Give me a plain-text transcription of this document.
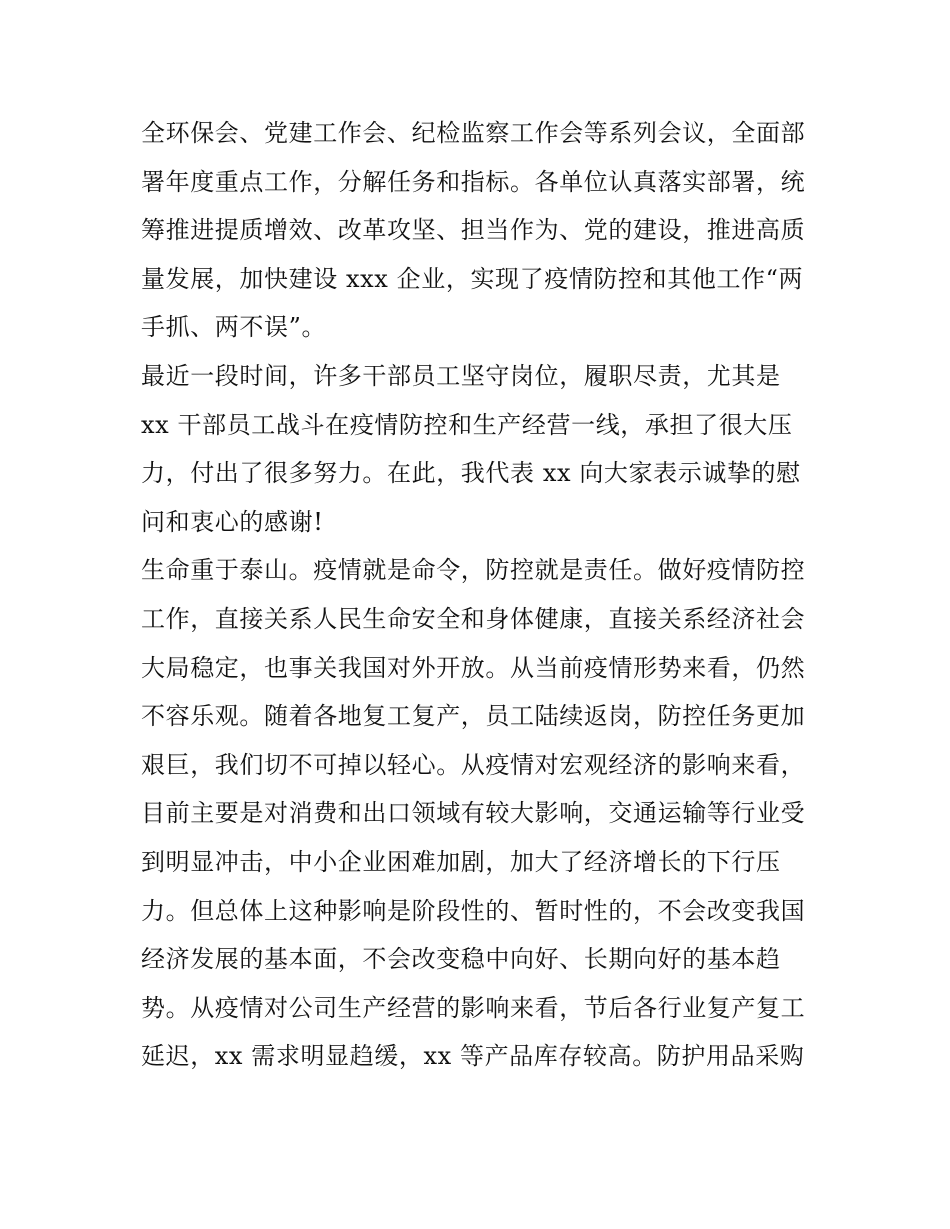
全环保会、党建工作会、纪检监察工作会等系列会议，全面部
署年度重点工作，分解任务和指标。各单位认真落实部署，统
筹推进提质增效、改革攻坚、担当作为、党的建设，推进高质
量发展，加快建设 xxx 企业，实现了疫情防控和其他工作“两
手抓、两不误”。
最近一段时间，许多干部员工坚守岗位，履职尽责，尤其是
xx 干部员工战斗在疫情防控和生产经营一线，承担了很大压
力，付出了很多努力。在此，我代表 xx 向大家表示诚挚的慰
问和衷心的感谢!
生命重于泰山。疫情就是命令，防控就是责任。做好疫情防控
工作，直接关系人民生命安全和身体健康，直接关系经济社会
大局稳定，也事关我国对外开放。从当前疫情形势来看，仍然
不容乐观。随着各地复工复产，员工陆续返岗，防控任务更加
艰巨，我们切不可掉以轻心。从疫情对宏观经济的影响来看，
目前主要是对消费和出口领域有较大影响，交通运输等行业受
到明显冲击，中小企业困难加剧，加大了经济增长的下行压
力。但总体上这种影响是阶段性的、暂时性的，不会改变我国
经济发展的基本面，不会改变稳中向好、长期向好的基本趋
势。从疫情对公司生产经营的影响来看，节后各行业复产复工
延迟，xx 需求明显趋缓，xx 等产品库存较高。防护用品采购
